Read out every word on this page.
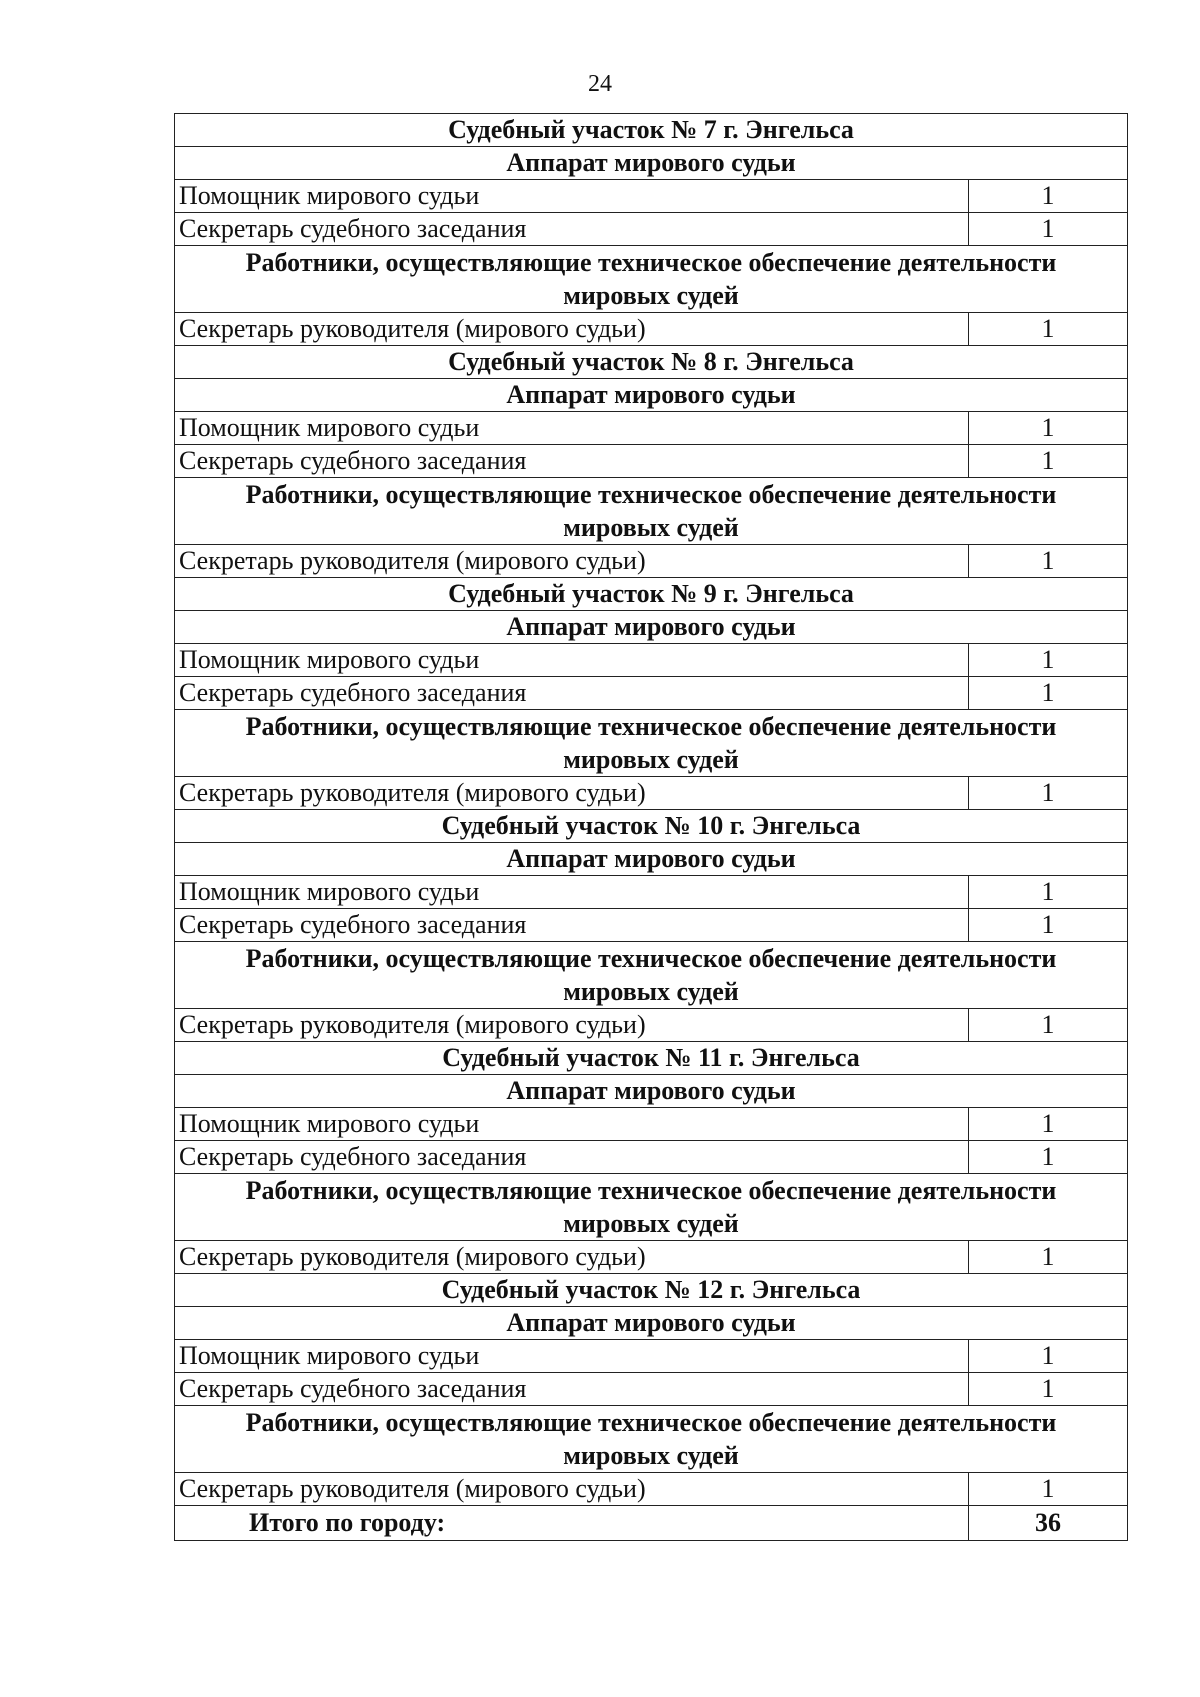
24
Судебный участок № 7 г. Энгельса	
Аппарат мирового судьи	
Помощник мирового судьи	1
Секретарь судебного заседания	1
Работники, осуществляющие техническое обеспечение деятельности мировых судей	
Секретарь руководителя (мирового судьи)	1
Судебный участок № 8 г. Энгельса	
Аппарат мирового судьи	
Помощник мирового судьи	1
Секретарь судебного заседания	1
Работники, осуществляющие техническое обеспечение деятельности мировых судей	
Секретарь руководителя (мирового судьи)	1
Судебный участок № 9 г. Энгельса	
Аппарат мирового судьи	
Помощник мирового судьи	1
Секретарь судебного заседания	1
Работники, осуществляющие техническое обеспечение деятельности мировых судей	
Секретарь руководителя (мирового судьи)	1
Судебный участок № 10 г. Энгельса	
Аппарат мирового судьи	
Помощник мирового судьи	1
Секретарь судебного заседания	1
Работники, осуществляющие техническое обеспечение деятельности мировых судей	
Секретарь руководителя (мирового судьи)	1
Судебный участок № 11 г. Энгельса	
Аппарат мирового судьи	
Помощник мирового судьи	1
Секретарь судебного заседания	1
Работники, осуществляющие техническое обеспечение деятельности мировых судей	
Секретарь руководителя (мирового судьи)	1
Судебный участок № 12 г. Энгельса	
Аппарат мирового судьи	
Помощник мирового судьи	1
Секретарь судебного заседания	1
Работники, осуществляющие техническое обеспечение деятельности мировых судей	
Секретарь руководителя (мирового судьи)	1
Итого по городу:	36
